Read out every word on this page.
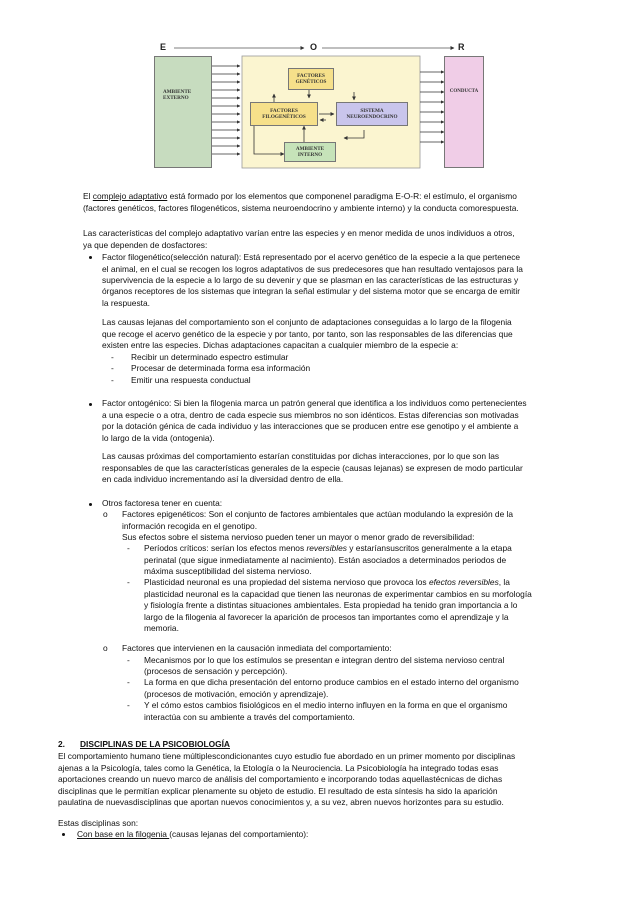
E	O	R
AMBIENTE
EXTERNO
FACTORES
GENÉTICOS
FACTORES
FILOGENÉTICOS
SISTEMA
NEUROENDOCRINO
AMBIENTE
INTERNO
CONDUCTA
El complejo adaptativo está formado por los elementos que componenel paradigma E-O-R: el estímulo, el organismo
(factores genéticos, factores filogenéticos, sistema neuroendocrino y ambiente interno) y la conducta comorespuesta.
Las características del complejo adaptativo varían entre las especies y en menor medida de unos individuos a otros,
ya que dependen de dosfactores:
Factor filogenético(selección natural): Está representado por el acervo genético de la especie a la que pertenece
el animal, en el cual se recogen los logros adaptativos de sus predecesores que han resultado ventajosos para la
supervivencia de la especie a lo largo de su devenir y que se plasman en las características de las estructuras y
órganos receptores de los sistemas que integran la señal estimular y del sistema motor que se encarga de emitir
la respuesta.
Las causas lejanas del comportamiento son el conjunto de adaptaciones conseguidas a lo largo de la filogenia
que recoge el acervo genético de la especie y por tanto, por tanto, son las responsables de las diferencias que
existen entre las especies. Dichas adaptaciones capacitan a cualquier miembro de la especie a:
- Recibir un determinado espectro estimular
- Procesar de determinada forma esa información
- Emitir una respuesta conductual
Factor ontogénico: Si bien la filogenia marca un patrón general que identifica a los individuos como pertenecientes
a una especie o a otra, dentro de cada especie sus miembros no son idénticos. Estas diferencias son motivadas
por la dotación génica de cada individuo y las interacciones que se producen entre ese genotipo y el ambiente a
lo largo de la vida (ontogenia).
Las causas próximas del comportamiento estarían constituidas por dichas interacciones, por lo que son las
responsables de que las características generales de la especie (causas lejanas) se expresen de modo particular
en cada individuo incrementando así la diversidad dentro de ella.
Otros factoresa tener en cuenta:
o Factores epigenéticos: Son el conjunto de factores ambientales que actúan modulando la expresión de la
información recogida en el genotipo.
Sus efectos sobre el sistema nervioso pueden tener un mayor o menor grado de reversibilidad:
- Períodos críticos: serían los efectos menos reversibles y estaríansuscritos generalmente a la etapa
perinatal (que sigue inmediatamente al nacimiento). Están asociados a determinados periodos de
máxima susceptibilidad del sistema nervioso.
- Plasticidad neuronal es una propiedad del sistema nervioso que provoca los efectos reversibles, la
plasticidad neuronal es la capacidad que tienen las neuronas de experimentar cambios en su morfología
y fisiología frente a distintas situaciones ambientales. Esta propiedad ha tenido gran importancia a lo
largo de la filogenia al favorecer la aparición de procesos tan importantes como el aprendizaje y la
memoria.
o Factores que intervienen en la causación inmediata del comportamiento:
- Mecanismos por lo que los estímulos se presentan e integran dentro del sistema nervioso central
(procesos de sensación y percepción).
- La forma en que dicha presentación del entorno produce cambios en el estado interno del organismo
(procesos de motivación, emoción y aprendizaje).
- Y el cómo estos cambios fisiológicos en el medio interno influyen en la forma en que el organismo
interactúa con su ambiente a través del comportamiento.
2. DISCIPLINAS DE LA PSICOBIOLOGÍA
El comportamiento humano tiene múltiplescondicionantes cuyo estudio fue abordado en un primer momento por disciplinas
ajenas a la Psicología, tales como la Genética, la Etología o la Neurociencia. La Psicobiología ha integrado todas esas
aportaciones creando un nuevo marco de análisis del comportamiento e incorporando todas aquellastécnicas de dichas
disciplinas que le permitían explicar plenamente su objeto de estudio. El resultado de esta síntesis ha sido la aparición
paulatina de nuevasdisciplinas que aportan nuevos conocimientos y, a su vez, abren nuevos horizontes para su estudio.
Estas disciplinas son:
Con base en la filogenia (causas lejanas del comportamiento):
